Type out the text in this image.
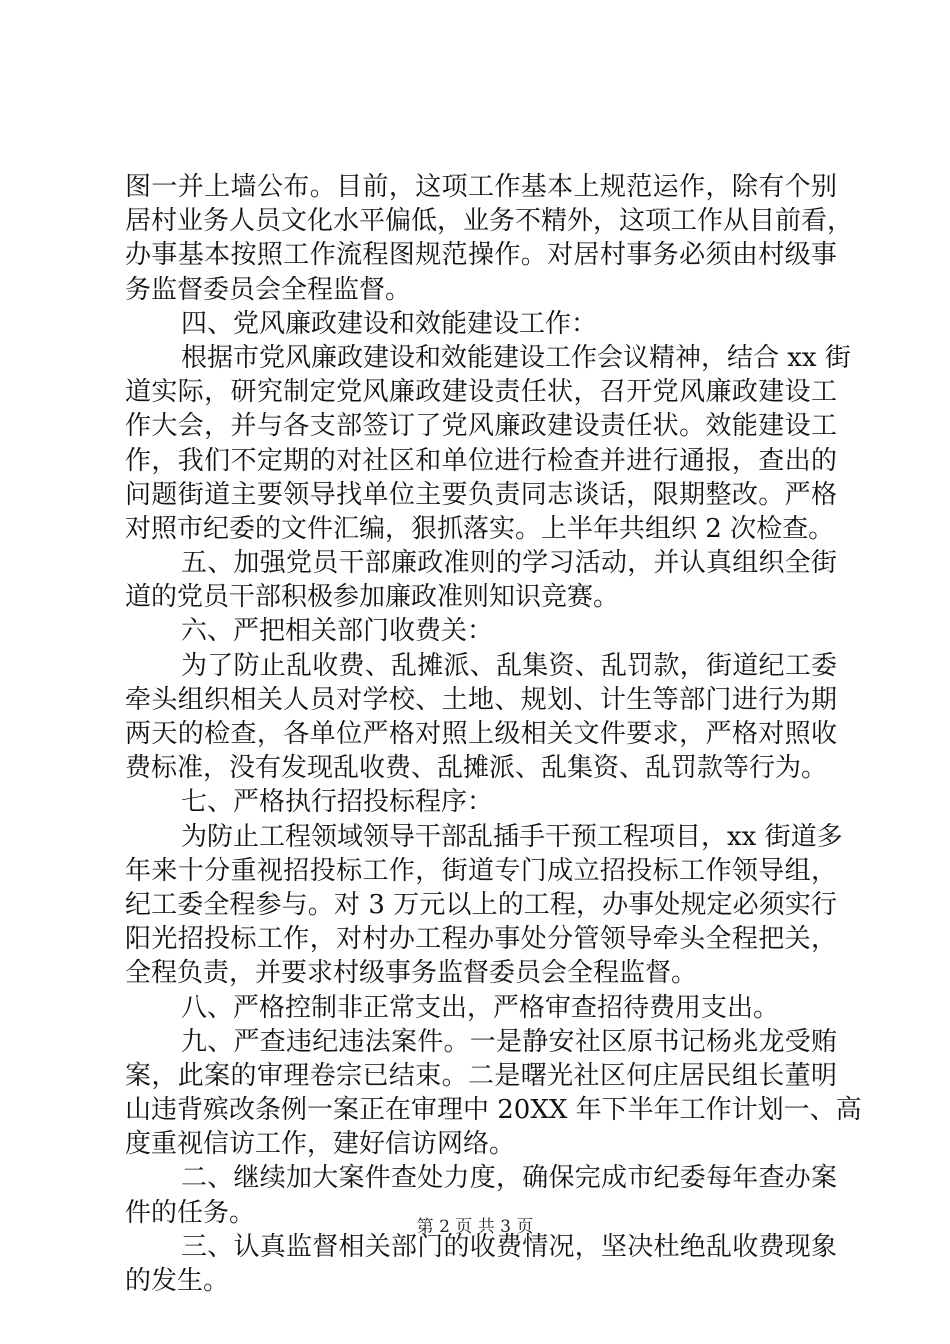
图一并上墙公布。目前，这项工作基本上规范运作，除有个别
居村业务人员文化水平偏低，业务不精外，这项工作从目前看，
办事基本按照工作流程图规范操作。对居村事务必须由村级事
务监督委员会全程监督。
四、党风廉政建设和效能建设工作：
根据市党风廉政建设和效能建设工作会议精神，结合 xx 街
道实际，研究制定党风廉政建设责任状，召开党风廉政建设工
作大会，并与各支部签订了党风廉政建设责任状。效能建设工
作，我们不定期的对社区和单位进行检查并进行通报，查出的
问题街道主要领导找单位主要负责同志谈话，限期整改。严格
对照市纪委的文件汇编，狠抓落实。上半年共组织 2 次检查。
五、加强党员干部廉政准则的学习活动，并认真组织全街
道的党员干部积极参加廉政准则知识竞赛。
六、严把相关部门收费关：
为了防止乱收费、乱摊派、乱集资、乱罚款，街道纪工委
牵头组织相关人员对学校、土地、规划、计生等部门进行为期
两天的检查，各单位严格对照上级相关文件要求，严格对照收
费标准，没有发现乱收费、乱摊派、乱集资、乱罚款等行为。
七、严格执行招投标程序：
为防止工程领域领导干部乱插手干预工程项目，xx 街道多
年来十分重视招投标工作，街道专门成立招投标工作领导组，
纪工委全程参与。对 3 万元以上的工程，办事处规定必须实行
阳光招投标工作，对村办工程办事处分管领导牵头全程把关，
全程负责，并要求村级事务监督委员会全程监督。
八、严格控制非正常支出，严格审查招待费用支出。
九、严查违纪违法案件。一是静安社区原书记杨兆龙受贿
案，此案的审理卷宗已结束。二是曙光社区何庄居民组长董明
山违背殡改条例一案正在审理中 20XX 年下半年工作计划一、高
度重视信访工作，建好信访网络。
二、继续加大案件查处力度，确保完成市纪委每年查办案
件的任务。
三、认真监督相关部门的收费情况，坚决杜绝乱收费现象
的发生。
第 2 页 共 3 页
